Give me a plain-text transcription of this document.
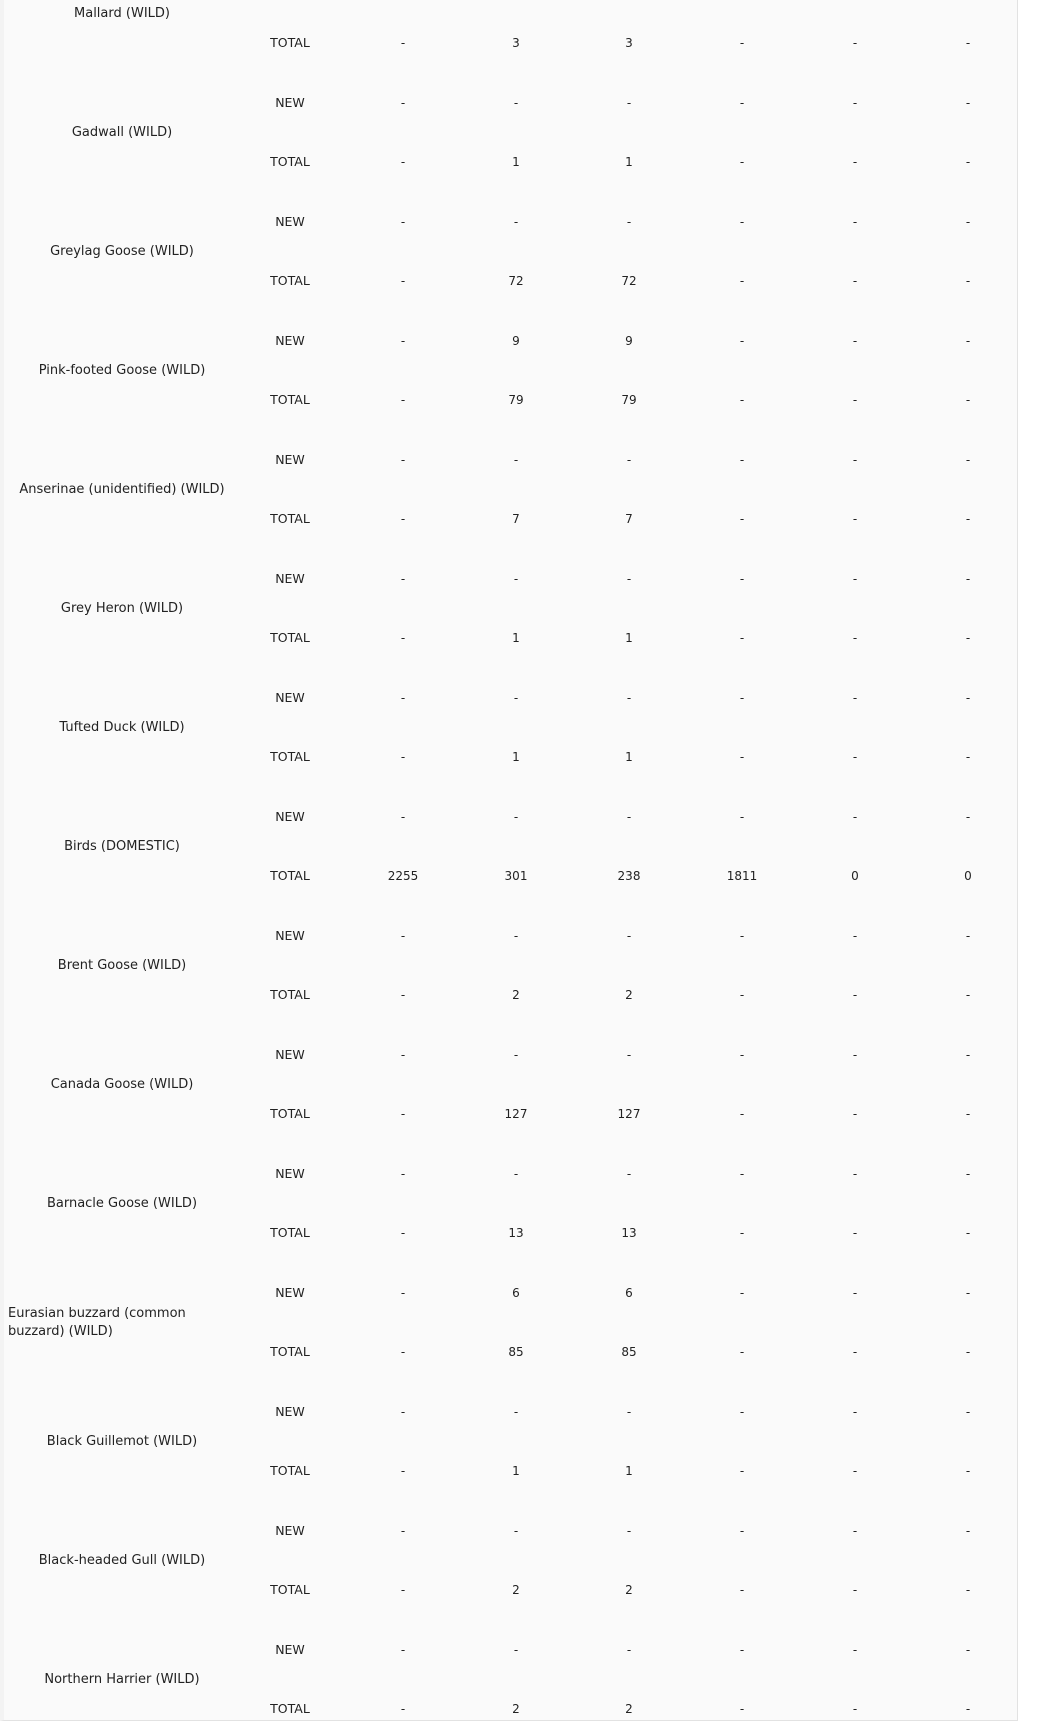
Mallard (WILD)
TOTAL	-	3	3	-	-	-
Gadwall (WILD)
NEW	-	-	-	-	-	-
TOTAL	-	1	1	-	-	-
Greylag Goose (WILD)
NEW	-	-	-	-	-	-
TOTAL	-	72	72	-	-	-
Pink-footed Goose (WILD)
NEW	-	9	9	-	-	-
TOTAL	-	79	79	-	-	-
Anserinae (unidentified) (WILD)
NEW	-	-	-	-	-	-
TOTAL	-	7	7	-	-	-
Grey Heron (WILD)
NEW	-	-	-	-	-	-
TOTAL	-	1	1	-	-	-
Tufted Duck (WILD)
NEW	-	-	-	-	-	-
TOTAL	-	1	1	-	-	-
Birds (DOMESTIC)
NEW	-	-	-	-	-	-
TOTAL	2255	301	238	1811	0	0
Brent Goose (WILD)
NEW	-	-	-	-	-	-
TOTAL	-	2	2	-	-	-
Canada Goose (WILD)
NEW	-	-	-	-	-	-
TOTAL	-	127	127	-	-	-
Barnacle Goose (WILD)
NEW	-	-	-	-	-	-
TOTAL	-	13	13	-	-	-
Eurasian buzzard (common buzzard) (WILD)
NEW	-	6	6	-	-	-
TOTAL	-	85	85	-	-	-
Black Guillemot (WILD)
NEW	-	-	-	-	-	-
TOTAL	-	1	1	-	-	-
Black-headed Gull (WILD)
NEW	-	-	-	-	-	-
TOTAL	-	2	2	-	-	-
Northern Harrier (WILD)
NEW	-	-	-	-	-	-
TOTAL	-	2	2	-	-	-
